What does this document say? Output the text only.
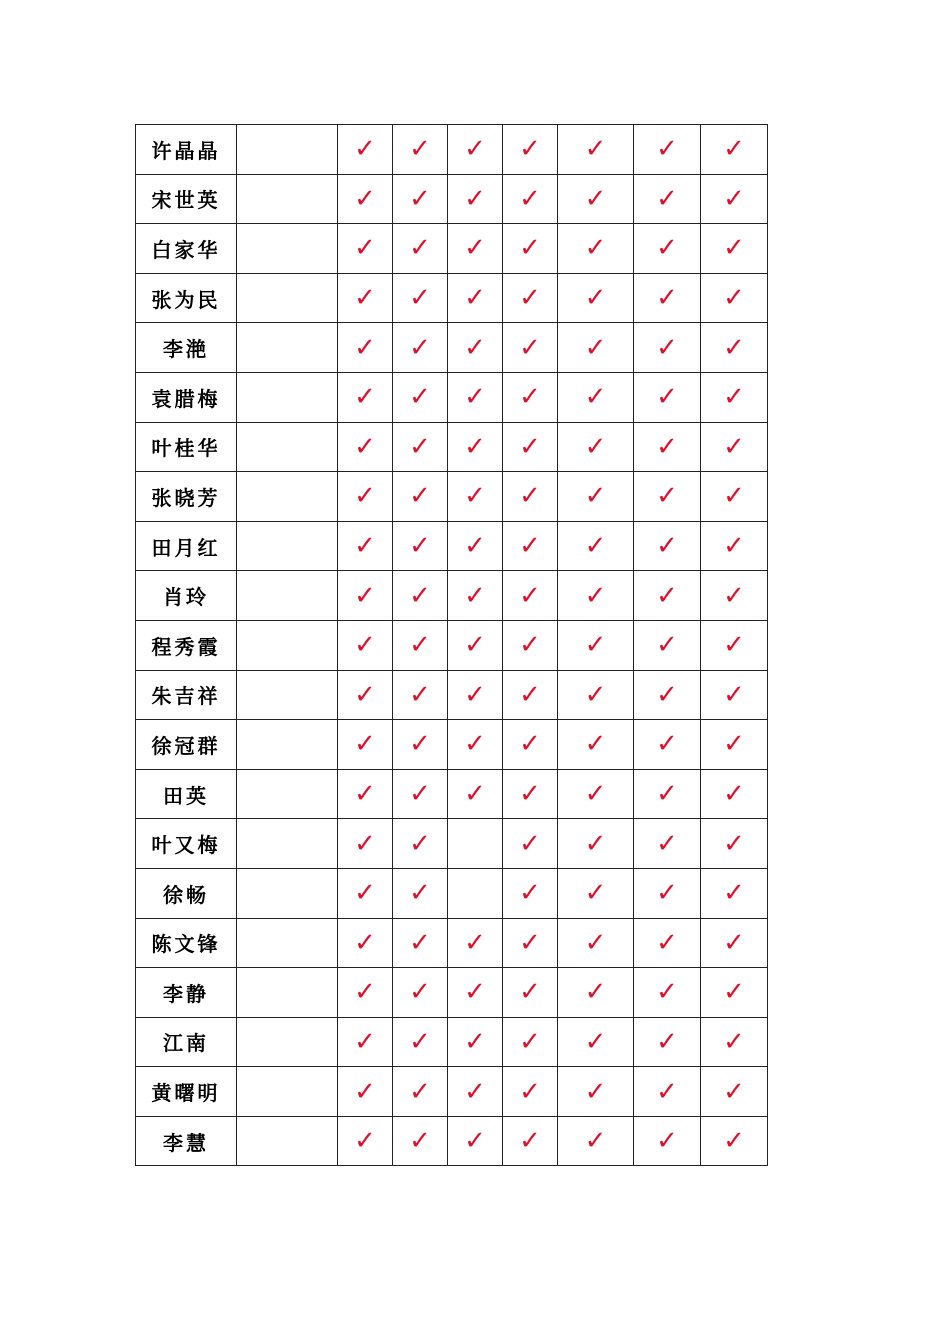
许晶晶		✓	✓	✓	✓	✓	✓	✓
宋世英		✓	✓	✓	✓	✓	✓	✓
白家华		✓	✓	✓	✓	✓	✓	✓
张为民		✓	✓	✓	✓	✓	✓	✓
李滟		✓	✓	✓	✓	✓	✓	✓
袁腊梅		✓	✓	✓	✓	✓	✓	✓
叶桂华		✓	✓	✓	✓	✓	✓	✓
张晓芳		✓	✓	✓	✓	✓	✓	✓
田月红		✓	✓	✓	✓	✓	✓	✓
肖玲		✓	✓	✓	✓	✓	✓	✓
程秀霞		✓	✓	✓	✓	✓	✓	✓
朱吉祥		✓	✓	✓	✓	✓	✓	✓
徐冠群		✓	✓	✓	✓	✓	✓	✓
田英		✓	✓	✓	✓	✓	✓	✓
叶又梅		✓	✓		✓	✓	✓	✓
徐畅		✓	✓		✓	✓	✓	✓
陈文锋		✓	✓	✓	✓	✓	✓	✓
李静		✓	✓	✓	✓	✓	✓	✓
江南		✓	✓	✓	✓	✓	✓	✓
黄曙明		✓	✓	✓	✓	✓	✓	✓
李慧		✓	✓	✓	✓	✓	✓	✓
